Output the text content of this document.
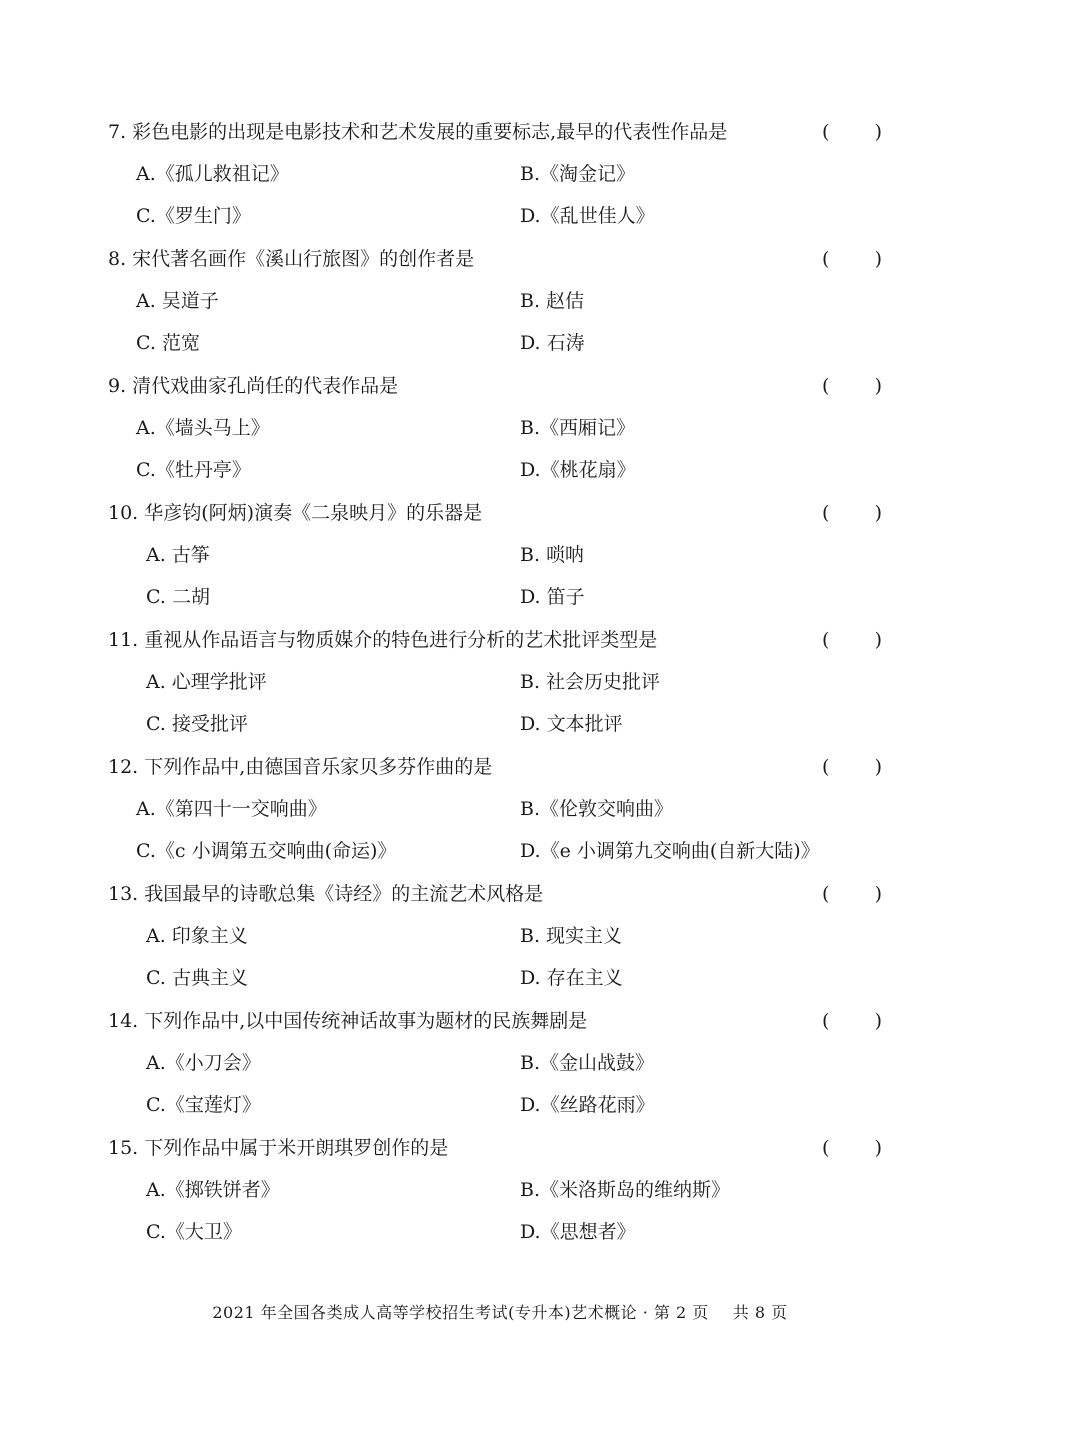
7. 彩色电影的出现是电影技术和艺术发展的重要标志,最早的代表性作品是	( )
A.《孤儿救祖记》	B.《淘金记》
C.《罗生门》	D.《乱世佳人》
8. 宋代著名画作《溪山行旅图》的创作者是	( )
A. 吴道子	B. 赵佶
C. 范宽	D. 石涛
9. 清代戏曲家孔尚任的代表作品是	( )
A.《墙头马上》	B.《西厢记》
C.《牡丹亭》	D.《桃花扇》
10. 华彦钧(阿炳)演奏《二泉映月》的乐器是	( )
A. 古筝	B. 唢呐
C. 二胡	D. 笛子
11. 重视从作品语言与物质媒介的特色进行分析的艺术批评类型是	( )
A. 心理学批评	B. 社会历史批评
C. 接受批评	D. 文本批评
12. 下列作品中,由德国音乐家贝多芬作曲的是	( )
A.《第四十一交响曲》	B.《伦敦交响曲》
C.《c 小调第五交响曲(命运)》	D.《e 小调第九交响曲(自新大陆)》
13. 我国最早的诗歌总集《诗经》的主流艺术风格是	( )
A. 印象主义	B. 现实主义
C. 古典主义	D. 存在主义
14. 下列作品中,以中国传统神话故事为题材的民族舞剧是	( )
A.《小刀会》	B.《金山战鼓》
C.《宝莲灯》	D.《丝路花雨》
15. 下列作品中属于米开朗琪罗创作的是	( )
A.《掷铁饼者》	B.《米洛斯岛的维纳斯》
C.《大卫》	D.《思想者》
2021 年全国各类成人高等学校招生考试(专升本)艺术概论 · 第 2 页 共 8 页
